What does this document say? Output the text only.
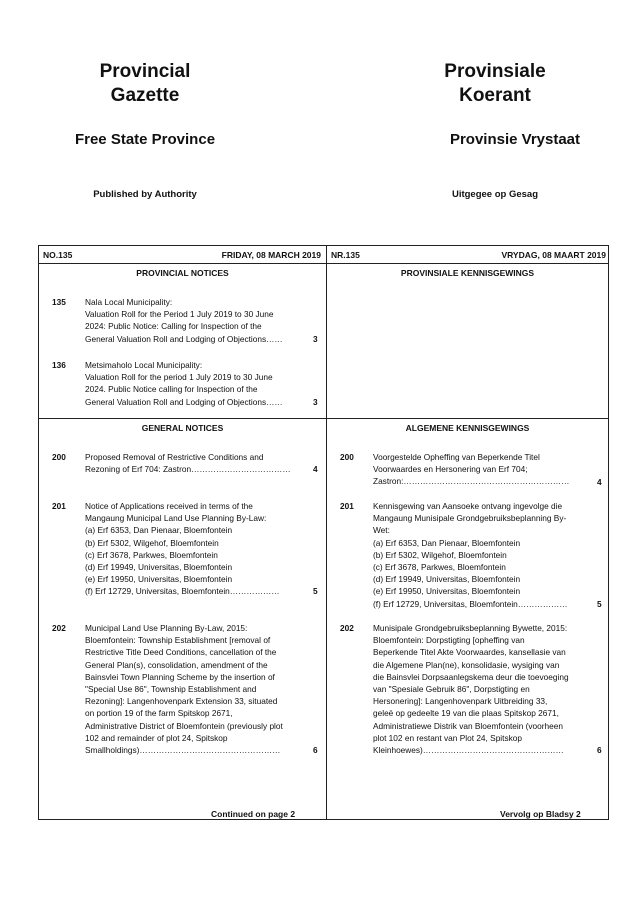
Provincial
Gazette
Provinsiale
Koerant
Free State Province	Provinsie Vrystaat
Published by Authority	Uitgegee op Gesag
NO.135	FRIDAY, 08 MARCH 2019 NR.135	VRYDAG, 08 MAART 2019
PROVINCIAL NOTICES	PROVINSIALE KENNISGEWINGS
GENERAL NOTICES	ALGEMENE KENNISGEWINGS
135 Nala Local Municipality:
Valuation Roll for the Period 1 July 2019 to 30 June
2024: Public Notice: Calling for Inspection of the
General Valuation Roll and Lodging of Objections……	3
136 Metsimaholo Local Municipality:
Valuation Roll for the period 1 July 2019 to 30 June
2024. Public Notice calling for Inspection of the
General Valuation Roll and Lodging of Objections……	3
200 Proposed Removal of Restrictive Conditions and
Rezoning of Erf 704: Zastron………………………………	4
201 Notice of Applications received in terms of the
Mangaung Municipal Land Use Planning By-Law:
(a) Erf 6353, Dan Pienaar, Bloemfontein
(b) Erf 5302, Wilgehof, Bloemfontein
(c) Erf 3678, Parkwes, Bloemfontein
(d) Erf 19949, Universitas, Bloemfontein
(e) Erf 19950, Universitas, Bloemfontein
(f) Erf 12729, Universitas, Bloemfontein………………	5
202 Municipal Land Use Planning By-Law, 2015:
Bloemfontein: Township Establishment [removal of
Restrictive Title Deed Conditions, cancellation of the
General Plan(s), consolidation, amendment of the
Bainsvlei Town Planning Scheme by the insertion of
"Special Use 86", Township Establishment and
Rezoning]: Langenhovenpark Extension 33, situated
on portion 19 of the farm Spitskop 2671,
Administrative District of Bloemfontein (previously plot
102 and remainder of plot 24, Spitskop
Smallholdings)……………………………………………	6
200 Voorgestelde Opheffing van Beperkende Titel
Voorwaardes en Hersonering van Erf 704;
Zastron:……………………………………………………	4
201 Kennisgewing van Aansoeke ontvang ingevolge die
Mangaung Munisipale Grondgebruiksbeplanning By-
Wet:
(a) Erf 6353, Dan Pienaar, Bloemfontein
(b) Erf 5302, Wilgehof, Bloemfontein
(c) Erf 3678, Parkwes, Bloemfontein
(d) Erf 19949, Universitas, Bloemfontein
(e) Erf 19950, Universitas, Bloemfontein
(f) Erf 12729, Universitas, Bloemfontein………………	5
202 Munisipale Grondgebruiksbeplanning Bywette, 2015:
Bloemfontein: Dorpstigting [opheffing van
Beperkende Titel Akte Voorwaardes, kansellasie van
die Algemene Plan(ne), konsolidasie, wysiging van
die Bainsvlei Dorpsaanlegskema deur die toevoeging
van "Spesiale Gebruik 86", Dorpstigting en
Hersonering]: Langenhovenpark Uitbreiding 33,
geleë op gedeelte 19 van die plaas Spitskop 2671,
Administratiewe Distrik van Bloemfontein (voorheen
plot 102 en restant van Plot 24, Spitskop
Kleinhoewes)……………………………………………	6
Continued on page 2	Vervolg op Bladsy 2
